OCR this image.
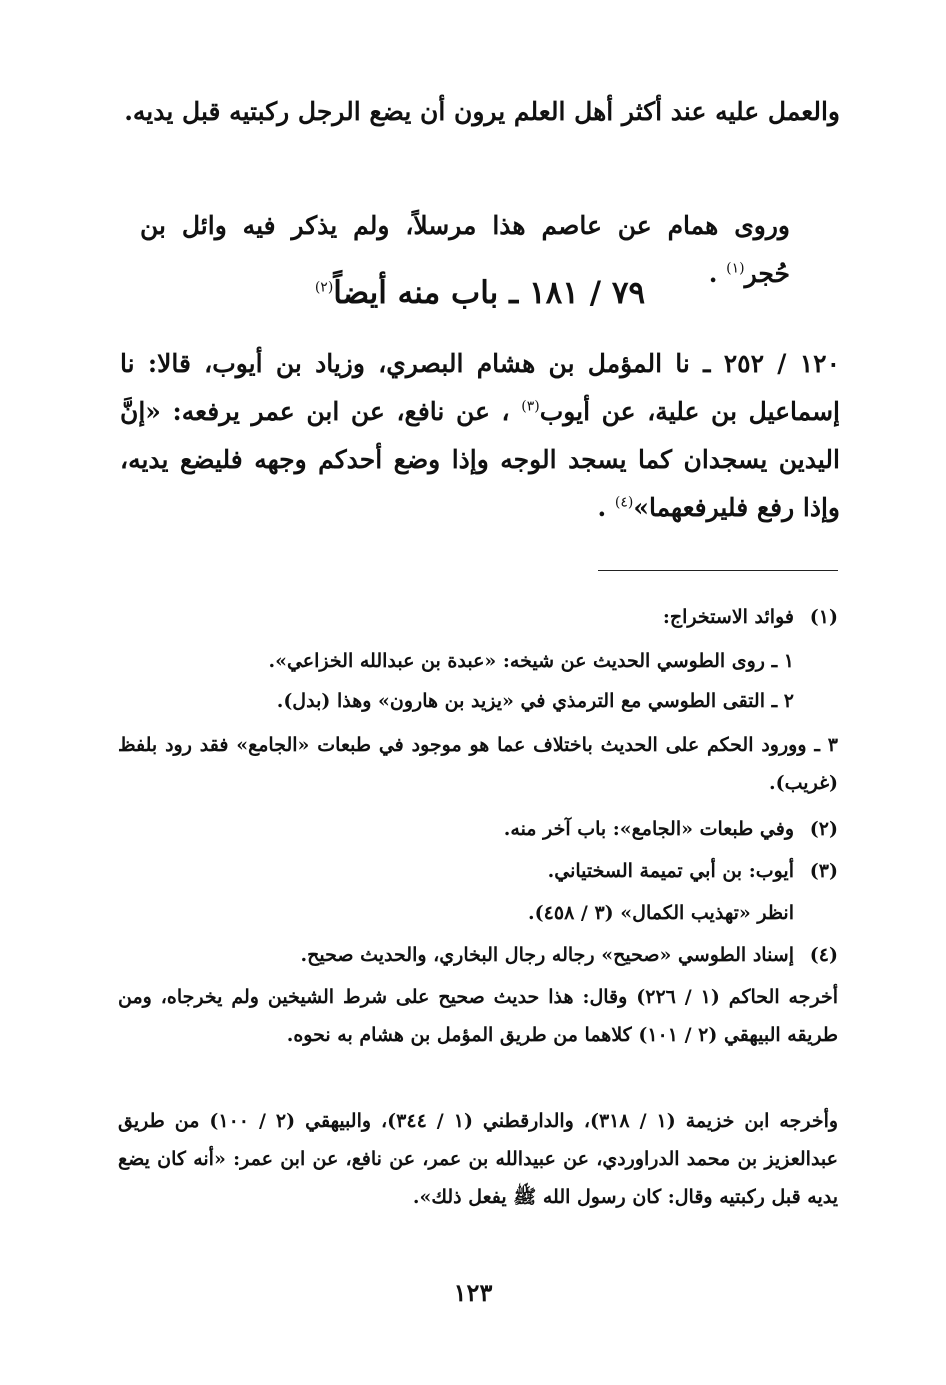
والعمل عليه عند أكثر أهل العلم يرون أن يضع الرجل ركبتيه قبل يديه.
وروى همام عن عاصم هذا مرسلاً، ولم يذكر فيه وائل بن حُجر$^{(١)}$ .
٧٩ / ١٨١ ـ باب منه أيضاً$^{(٢)}$
١٢٠ / ٢٥٢ ـ نا المؤمل بن هشام البصري، وزياد بن أيوب، قالا: نا إسماعيل بن علية، عن أيوب$^{(٣)}$ ، عن نافع، عن ابن عمر يرفعه: «إنَّ اليدين يسجدان كما يسجد الوجه وإذا وضع أحدكم وجهه فليضع يديه، وإذا رفع فليرفعهما»$^{(٤)}$ .
(١)فوائد الاستخراج:
١ ـ روى الطوسي الحديث عن شيخه: «عبدة بن عبدالله الخزاعي».
٢ ـ التقى الطوسي مع الترمذي في «يزيد بن هارون» وهذا (بدل).
٣ ـ وورود الحكم على الحديث باختلاف عما هو موجود في طبعات «الجامع» فقد رود بلفظ (غريب).
(٢)وفي طبعات «الجامع»: باب آخر منه.
(٣)أيوب: بن أبي تميمة السختياني.
انظر «تهذيب الكمال» (٣ / ٤٥٨).
(٤)إسناد الطوسي «صحيح» رجاله رجال البخاري، والحديث صحيح.
أخرجه الحاكم (١ / ٢٢٦) وقال: هذا حديث صحيح على شرط الشيخين ولم يخرجاه، ومن طريقه البيهقي (٢ / ١٠١) كلاهما من طريق المؤمل بن هشام به نحوه.
وأخرجه ابن خزيمة (١ / ٣١٨)، والدارقطني (١ / ٣٤٤)، والبيهقي (٢ / ١٠٠) من طريق عبدالعزيز بن محمد الدراوردي، عن عبيدالله بن عمر، عن نافع، عن ابن عمر: «أنه كان يضع يديه قبل ركبتيه وقال: كان رسول الله ﷺ يفعل ذلك».
١٢٣
